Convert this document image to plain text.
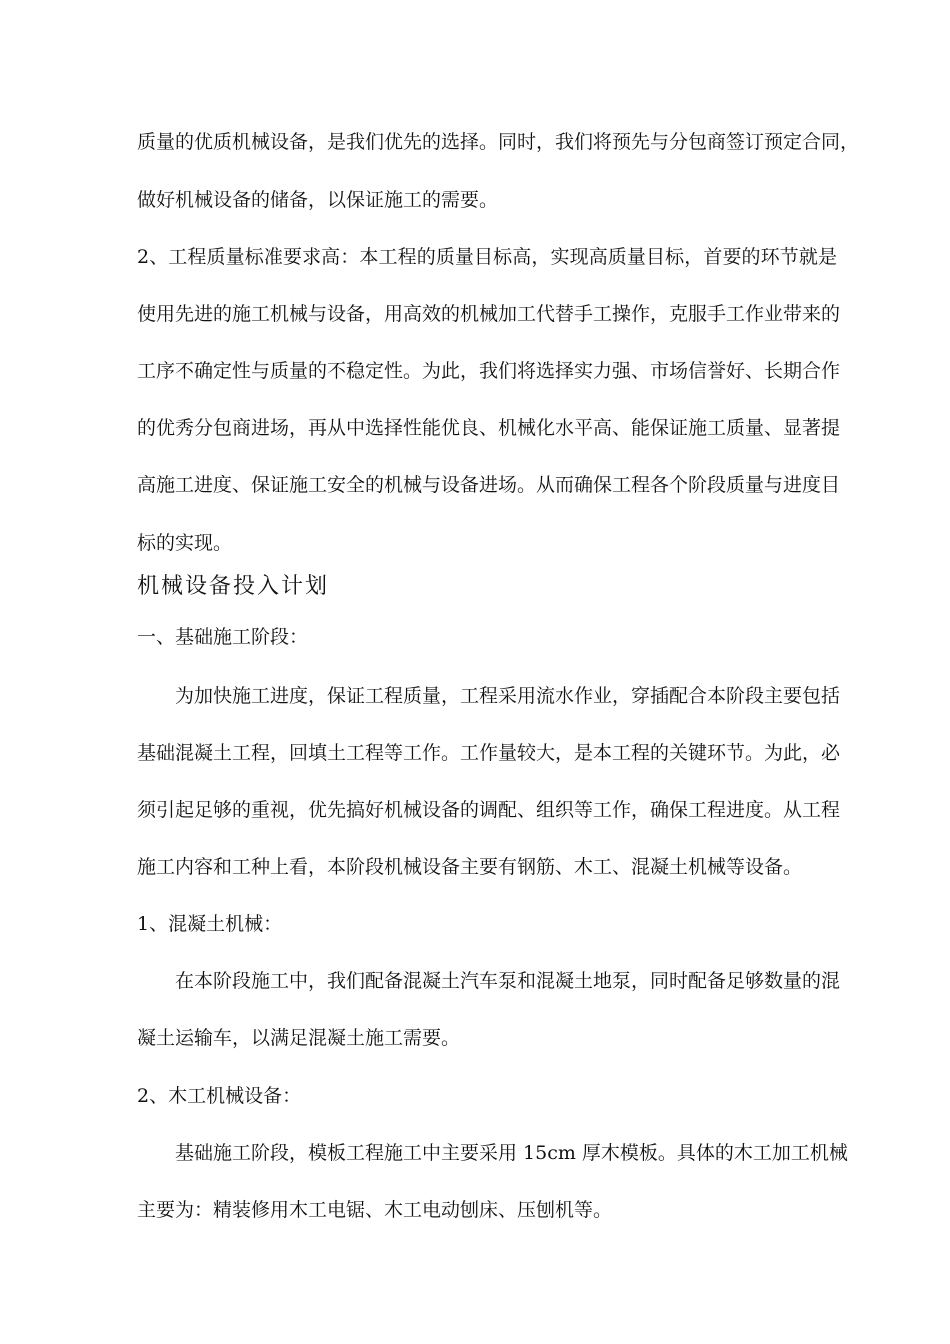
质量的优质机械设备，是我们优先的选择。同时，我们将预先与分包商签订预定合同，
做好机械设备的储备，以保证施工的需要。
2、工程质量标准要求高：本工程的质量目标高，实现高质量目标，首要的环节就是
使用先进的施工机械与设备，用高效的机械加工代替手工操作，克服手工作业带来的
工序不确定性与质量的不稳定性。为此，我们将选择实力强、市场信誉好、长期合作
的优秀分包商进场，再从中选择性能优良、机械化水平高、能保证施工质量、显著提
高施工进度、保证施工安全的机械与设备进场。从而确保工程各个阶段质量与进度目
标的实现。
机械设备投入计划
一、基础施工阶段：
为加快施工进度，保证工程质量，工程采用流水作业，穿插配合本阶段主要包括
基础混凝土工程，回填土工程等工作。工作量较大，是本工程的关键环节。为此，必
须引起足够的重视，优先搞好机械设备的调配、组织等工作，确保工程进度。从工程
施工内容和工种上看，本阶段机械设备主要有钢筋、木工、混凝土机械等设备。
1、混凝土机械：
在本阶段施工中，我们配备混凝土汽车泵和混凝土地泵，同时配备足够数量的混
凝土运输车，以满足混凝土施工需要。
2、木工机械设备：
基础施工阶段，模板工程施工中主要采用 15cm 厚木模板。具体的木工加工机械
主要为：精装修用木工电锯、木工电动刨床、压刨机等。
